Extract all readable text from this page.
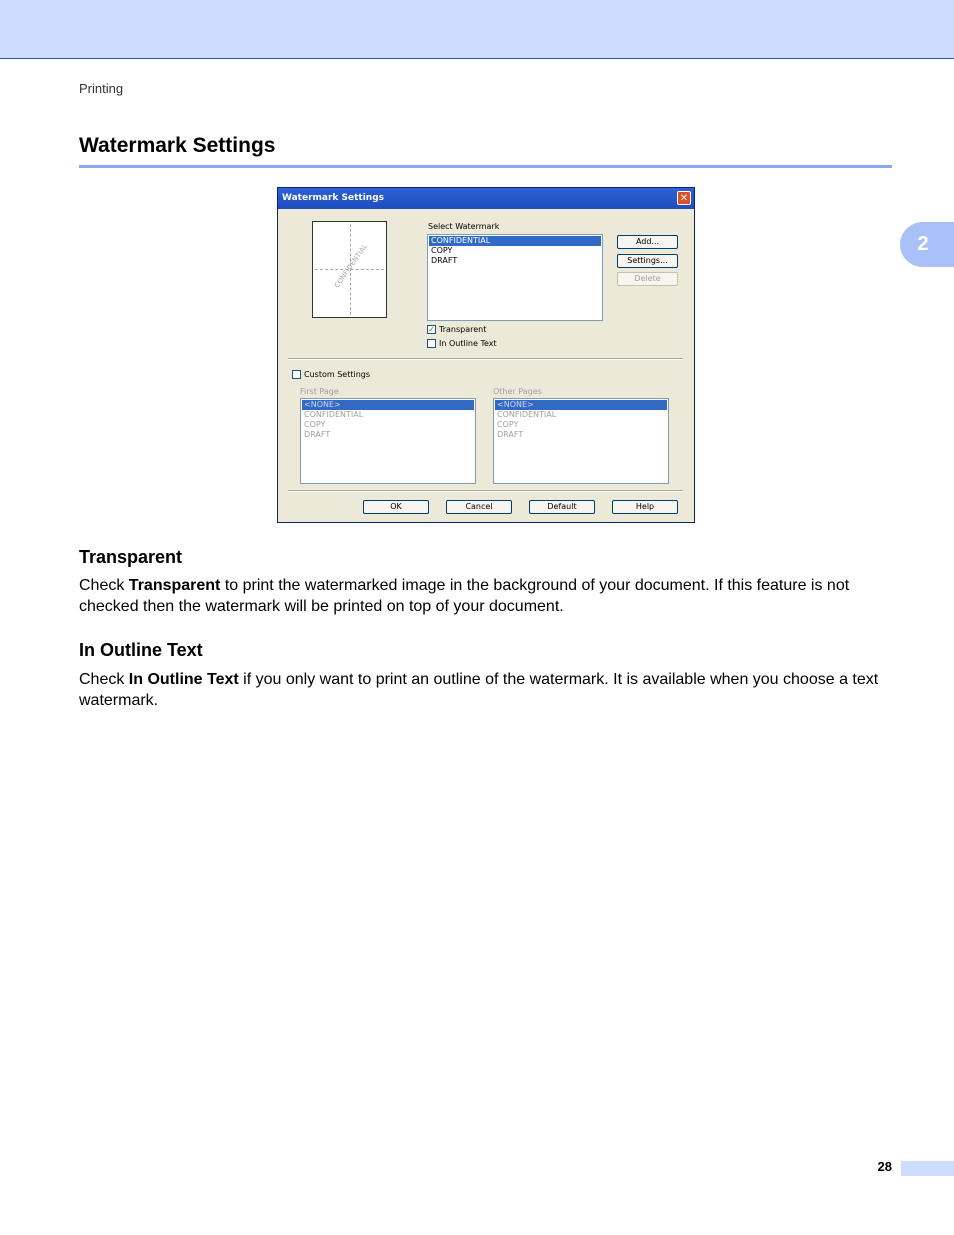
Printing
Watermark Settings
2
Watermark Settings	✕
CONFIDENTIAL
Select Watermark
CONFIDENTIAL
COPY
DRAFT
Add...
Settings...
Delete
✓ Transparent
In Outline Text
Custom Settings
First Page
<NONE>
CONFIDENTIAL
COPY
DRAFT
Other Pages
<NONE>
CONFIDENTIAL
COPY
DRAFT
OK	Cancel	Default	Help
Transparent

Check Transparent to print the watermarked image in the background of your document. If this feature is not checked then the watermark will be printed on top of your document.

In Outline Text

Check In Outline Text if you only want to print an outline of the watermark. It is available when you choose a text watermark.

28
